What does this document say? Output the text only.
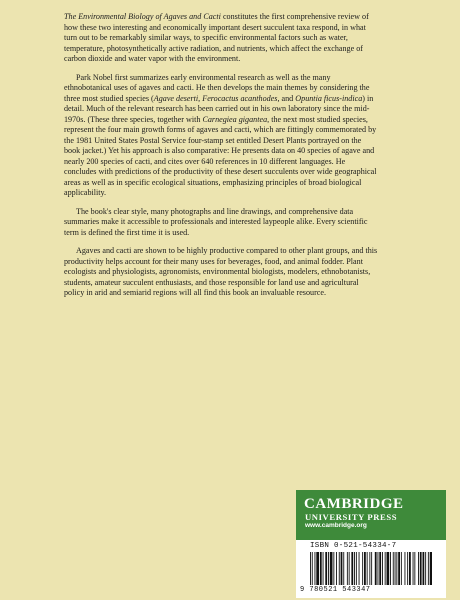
The Environmental Biology of Agaves and Cacti constitutes the first comprehensive review of how these two interesting and economically important desert succulent taxa respond, in what turn out to be remarkably similar ways, to specific environmental factors such as water, temperature, photosynthetically active radiation, and nutrients, which affect the exchange of carbon dioxide and water vapor with the environment.

Park Nobel first summarizes early environmental research as well as the many ethnobotanical uses of agaves and cacti. He then develops the main themes by considering the three most studied species (Agave deserti, Ferocactus acanthodes, and Opuntia ficus-indica) in detail. Much of the relevant research has been carried out in his own laboratory since the mid-1970s. (These three species, together with Carnegiea gigantea, the next most studied species, represent the four main growth forms of agaves and cacti, which are fittingly commemorated by the 1981 United States Postal Service four-stamp set entitled Desert Plants portrayed on the book jacket.) Yet his approach is also comparative: He presents data on 40 species of agave and nearly 200 species of cacti, and cites over 640 references in 10 different languages. He concludes with predictions of the productivity of these desert succulents over wide geographical areas as well as in specific ecological situations, emphasizing principles of broad biological applicability.

The book's clear style, many photographs and line drawings, and comprehensive data summaries make it accessible to professionals and interested laypeople alike. Every scientific term is defined the first time it is used.

Agaves and cacti are shown to be highly productive compared to other plant groups, and this productivity helps account for their many uses for beverages, food, and animal fodder. Plant ecologists and physiologists, agronomists, environmental biologists, modelers, ethnobotanists, students, amateur succulent enthusiasts, and those responsible for land use and agricultural policy in arid and semiarid regions will all find this book an invaluable resource.

CAMBRIDGE
UNIVERSITY PRESS
www.cambridge.org
ISBN 0-521-54334-7
9 780521 543347
